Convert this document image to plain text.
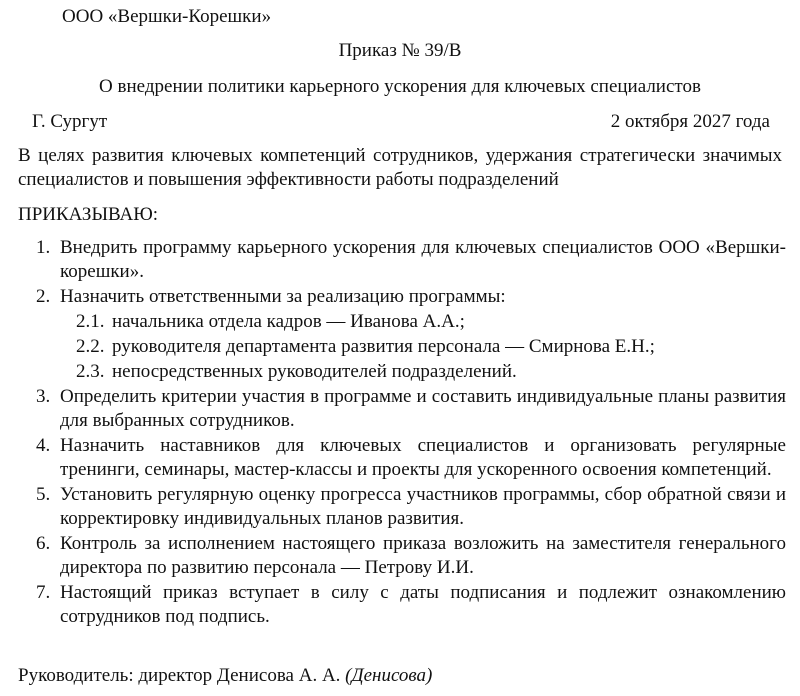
ООО «Вершки-Корешки»
Приказ № 39/В
О внедрении политики карьерного ускорения для ключевых специалистов
Г. Сургут	2 октября 2027 года
В целях развития ключевых компетенций сотрудников, удержания стратегически значимых специалистов и повышения эффективности работы подразделений
ПРИКАЗЫВАЮ:
1. Внедрить программу карьерного ускорения для ключевых специалистов ООО «Вершки-корешки».
2. Назначить ответственными за реализацию программы:
2.1. начальника отдела кадров — Иванова А.А.;
2.2. руководителя департамента развития персонала — Смирнова Е.Н.;
2.3. непосредственных руководителей подразделений.
3. Определить критерии участия в программе и составить индивидуальные планы развития для выбранных сотрудников.
4. Назначить наставников для ключевых специалистов и организовать регулярные тренинги, семинары, мастер-классы и проекты для ускоренного освоения компетенций.
5. Установить регулярную оценку прогресса участников программы, сбор обратной связи и корректировку индивидуальных планов развития.
6. Контроль за исполнением настоящего приказа возложить на заместителя генерального директора по развитию персонала — Петрову И.И.
7. Настоящий приказ вступает в силу с даты подписания и подлежит ознакомлению сотрудников под подпись.
Руководитель: директор Денисова А. А. (Денисова)
